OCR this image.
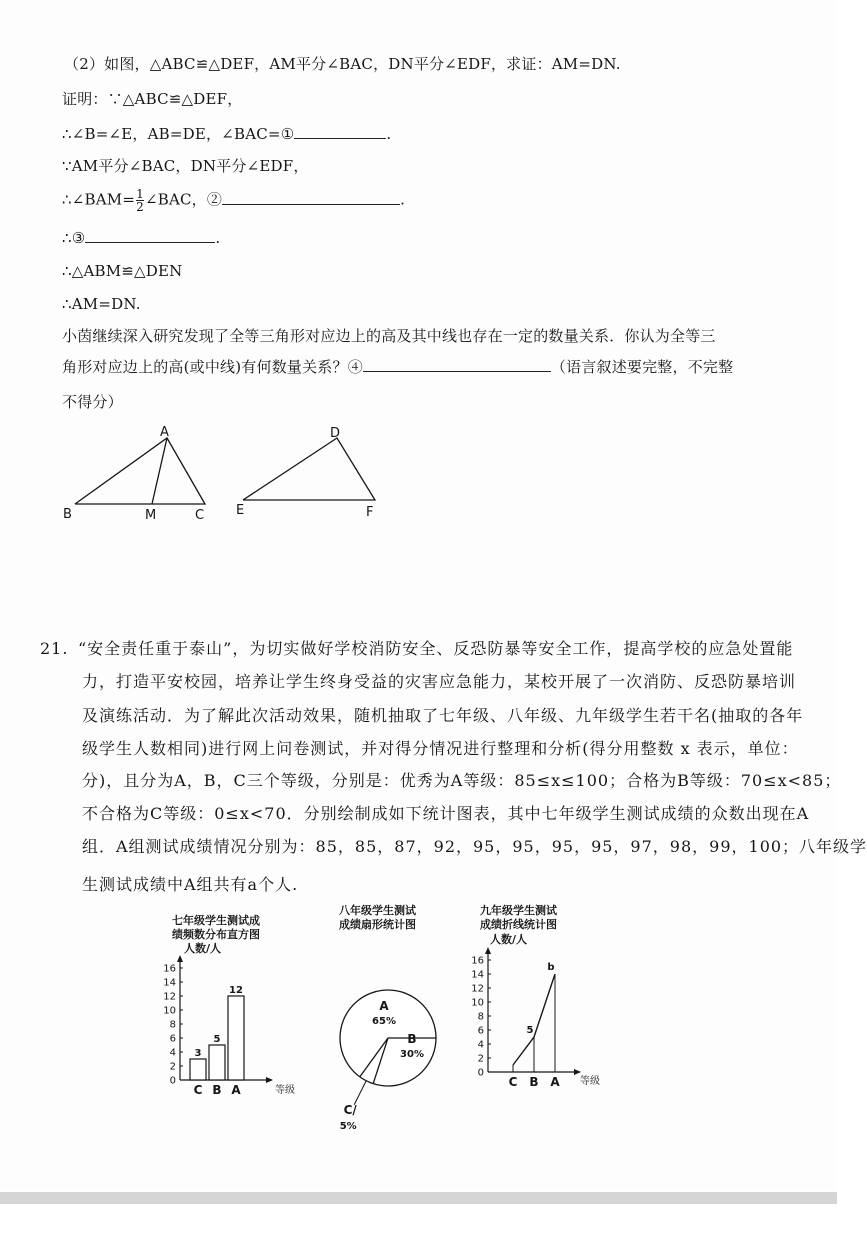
（2）如图，△ABC≌△DEF，AM平分∠BAC，DN平分∠EDF，求证：AM=DN.
证明：∵△ABC≌△DEF，
∴∠B=∠E，AB=DE，∠BAC=①	.
∵AM平分∠BAC，DN平分∠EDF，
∴∠BAM= $\frac{1}{2}$ ∠BAC，②	.
∴③	.
∴△ABM≌△DEN
∴AM=DN.
小茵继续深入研究发现了全等三角形对应边上的高及其中线也存在一定的数量关系．你认为全等三
角形对应边上的高(或中线)有何数量关系？④	（语言叙述要完整，不完整
不得分）
A
B	M	C
D
E	F
21. “安全责任重于泰山”，为切实做好学校消防安全、反恐防暴等安全工作，提高学校的应急处置能
力，打造平安校园，培养让学生终身受益的灾害应急能力，某校开展了一次消防、反恐防暴培训
及演练活动．为了解此次活动效果，随机抽取了七年级、八年级、九年级学生若干名(抽取的各年
级学生人数相同)进行网上问卷测试，并对得分情况进行整理和分析(得分用整数 x 表示，单位：
分)，且分为A，B，C三个等级，分别是：优秀为A等级：85≤x≤100；合格为B等级：70≤x<85；
不合格为C等级：0≤x<70．分别绘制成如下统计图表，其中七年级学生测试成绩的众数出现在A
组．A组测试成绩情况分别为：85，85，87，92，95，95，95，95，97，98，99，100；八年级学
生测试成绩中A组共有a个人.
七年级学生测试成
绩频数分布直方图
人数/人
等级
0
2
4
6
8
10
12
14
16
3
C
5
B
12
A
八年级学生测试
成绩扇形统计图
A
65%
B
30%
C/
5%
九年级学生测试
成绩折线统计图
人数/人
等级
0
2
4
6
8
10
12
14
16
C B
5
A
b
